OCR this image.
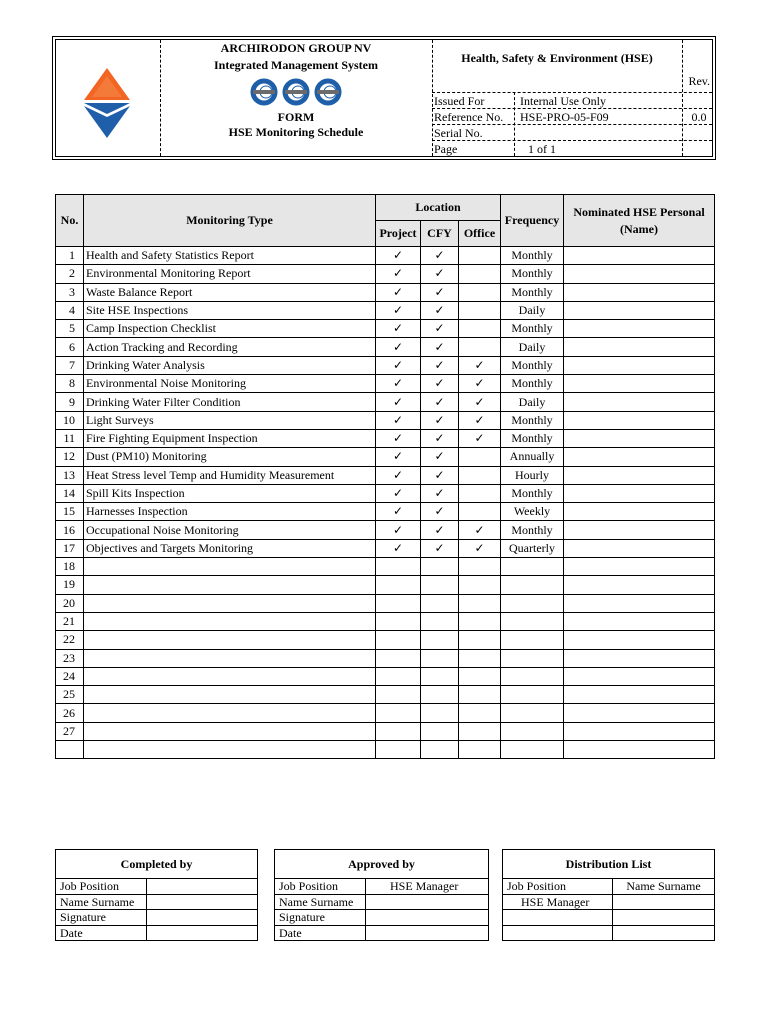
ARCHIRODON GROUP NV
Integrated Management System
FORM
HSE Monitoring Schedule
Health, Safety & Environment (HSE)
Rev.
Issued For	Internal Use Only
Reference No. HSE-PRO-05-F09	0.0
Serial No.
Page	1 of 1
No.	Monitoring Type	Location			Frequency	Nominated HSE Personal (Name)
		Project	CFY	Office		
1	Health and Safety Statistics Report	✓	✓		Monthly	
2	Environmental Monitoring Report	✓	✓		Monthly	
3	Waste Balance Report	✓	✓		Monthly	
4	Site HSE Inspections	✓	✓		Daily	
5	Camp Inspection Checklist	✓	✓		Monthly	
6	Action Tracking and Recording	✓	✓		Daily	
7	Drinking Water Analysis	✓	✓	✓	Monthly	
8	Environmental Noise Monitoring	✓	✓	✓	Monthly	
9	Drinking Water Filter Condition	✓	✓	✓	Daily	
10	Light Surveys	✓	✓	✓	Monthly	
11	Fire Fighting Equipment Inspection	✓	✓	✓	Monthly	
12	Dust (PM10) Monitoring	✓	✓		Annually	
13	Heat Stress level Temp and Humidity Measurement	✓	✓		Hourly	
14	Spill Kits Inspection	✓	✓		Monthly	
15	Harnesses Inspection	✓	✓		Weekly	
16	Occupational Noise Monitoring	✓	✓	✓	Monthly	
17	Objectives and Targets Monitoring	✓	✓	✓	Quarterly	
18						
19						
20						
21						
22						
23						
24						
25						
26						
27						

Completed by	
Job Position	
Name Surname	
Signature	
Date	
Approved by	
Job Position	HSE Manager
Name Surname	
Signature	
Date	
Distribution List	
Job Position	Name Surname
HSE Manager	
